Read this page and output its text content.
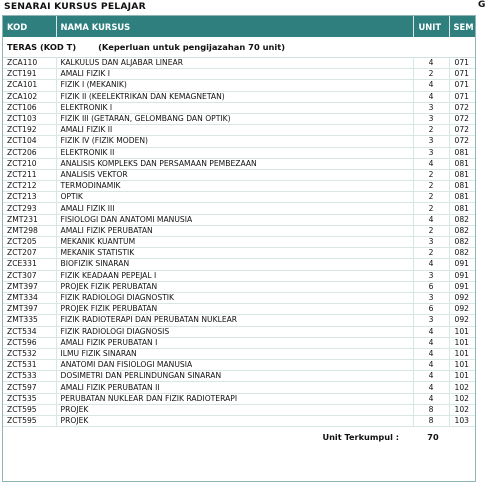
SENARAI KURSUS PELAJAR	G
KOD	NAMA KURSUS	UNIT	SEM
TERAS (KOD T) (Keperluan untuk pengijazahan 70 unit)			
ZCA110	KALKULUS DAN ALJABAR LINEAR	4	071
ZCT191	AMALI FIZIK I	2	071
ZCA101	FIZIK I (MEKANIK)	4	071
ZCA102	FIZIK II (KEELEKTRIKAN DAN KEMAGNETAN)	4	071
ZCT106	ELEKTRONIK I	3	072
ZCT103	FIZIK III (GETARAN, GELOMBANG DAN OPTIK)	3	072
ZCT192	AMALI FIZIK II	2	072
ZCT104	FIZIK IV (FIZIK MODEN)	3	072
ZCT206	ELEKTRONIK II	3	081
ZCT210	ANALISIS KOMPLEKS DAN PERSAMAAN PEMBEZAAN	4	081
ZCT211	ANALISIS VEKTOR	2	081
ZCT212	TERMODINAMIK	2	081
ZCT213	OPTIK	2	081
ZCT293	AMALI FIZIK III	2	081
ZMT231	FISIOLOGI DAN ANATOMI MANUSIA	4	082
ZMT298	AMALI FIZIK PERUBATAN	2	082
ZCT205	MEKANIK KUANTUM	3	082
ZCT207	MEKANIK STATISTIK	2	082
ZCE331	BIOFIZIK SINARAN	4	091
ZCT307	FIZIK KEADAAN PEPEJAL I	3	091
ZMT397	PROJEK FIZIK PERUBATAN	6	091
ZMT334	FIZIK RADIOLOGI DIAGNOSTIK	3	092
ZMT397	PROJEK FIZIK PERUBATAN	6	092
ZMT335	FIZIK RADIOTERAPI DAN PERUBATAN NUKLEAR	3	092
ZCT534	FIZIK RADIOLOGI DIAGNOSIS	4	101
ZCT596	AMALI FIZIK PERUBATAN I	4	101
ZCT532	ILMU FIZIK SINARAN	4	101
ZCT531	ANATOMI DAN FISIOLOGI MANUSIA	4	101
ZCT533	DOSIMETRI DAN PERLINDUNGAN SINARAN	4	101
ZCT597	AMALI FIZIK PERUBATAN II	4	102
ZCT535	PERUBATAN NUKLEAR DAN FIZIK RADIOTERAPI	4	102
ZCT595	PROJEK	8	102
ZCT595	PROJEK	8	103
Unit Terkumpul :		70	
